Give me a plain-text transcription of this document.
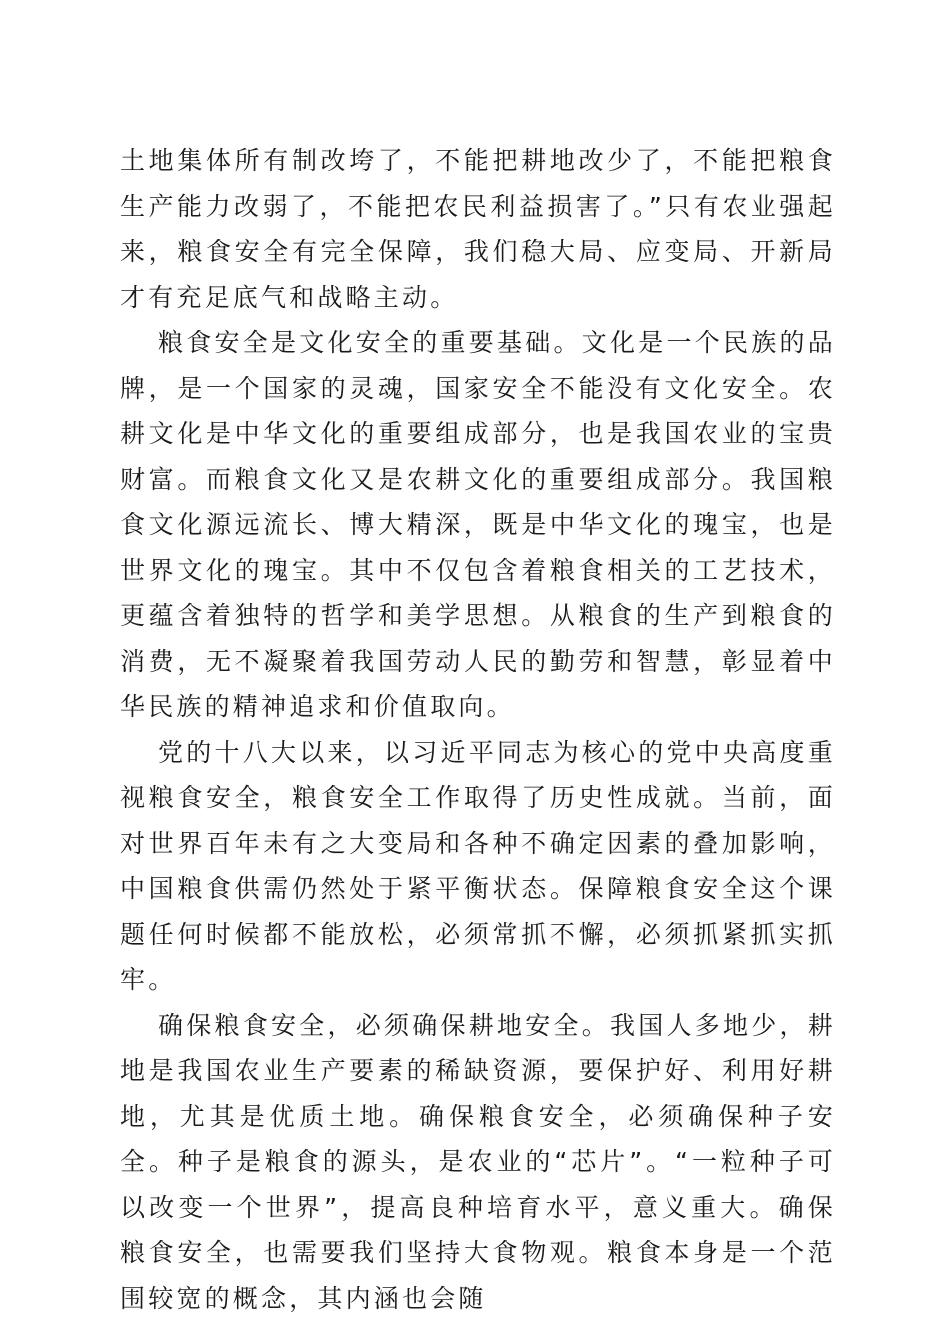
土地集体所有制改垮了，不能把耕地改少了，不能把粮食生产能力改弱了，不能把农民利益损害了。”只有农业强起来，粮食安全有完全保障，我们稳大局、应变局、开新局才有充足底气和战略主动。

粮食安全是文化安全的重要基础。文化是一个民族的品牌，是一个国家的灵魂，国家安全不能没有文化安全。农耕文化是中华文化的重要组成部分，也是我国农业的宝贵财富。而粮食文化又是农耕文化的重要组成部分。我国粮食文化源远流长、博大精深，既是中华文化的瑰宝，也是世界文化的瑰宝。其中不仅包含着粮食相关的工艺技术，更蕴含着独特的哲学和美学思想。从粮食的生产到粮食的消费，无不凝聚着我国劳动人民的勤劳和智慧，彰显着中华民族的精神追求和价值取向。

党的十八大以来，以习近平同志为核心的党中央高度重视粮食安全，粮食安全工作取得了历史性成就。当前，面对世界百年未有之大变局和各种不确定因素的叠加影响，中国粮食供需仍然处于紧平衡状态。保障粮食安全这个课题任何时候都不能放松，必须常抓不懈，必须抓紧抓实抓牢。

确保粮食安全，必须确保耕地安全。我国人多地少，耕地是我国农业生产要素的稀缺资源，要保护好、利用好耕地，尤其是优质土地。确保粮食安全，必须确保种子安全。种子是粮食的源头，是农业的“芯片”。“一粒种子可以改变一个世界”，提高良种培育水平，意义重大。确保粮食安全，也需要我们坚持大食物观。粮食本身是一个范围较宽的概念，其内涵也会随
